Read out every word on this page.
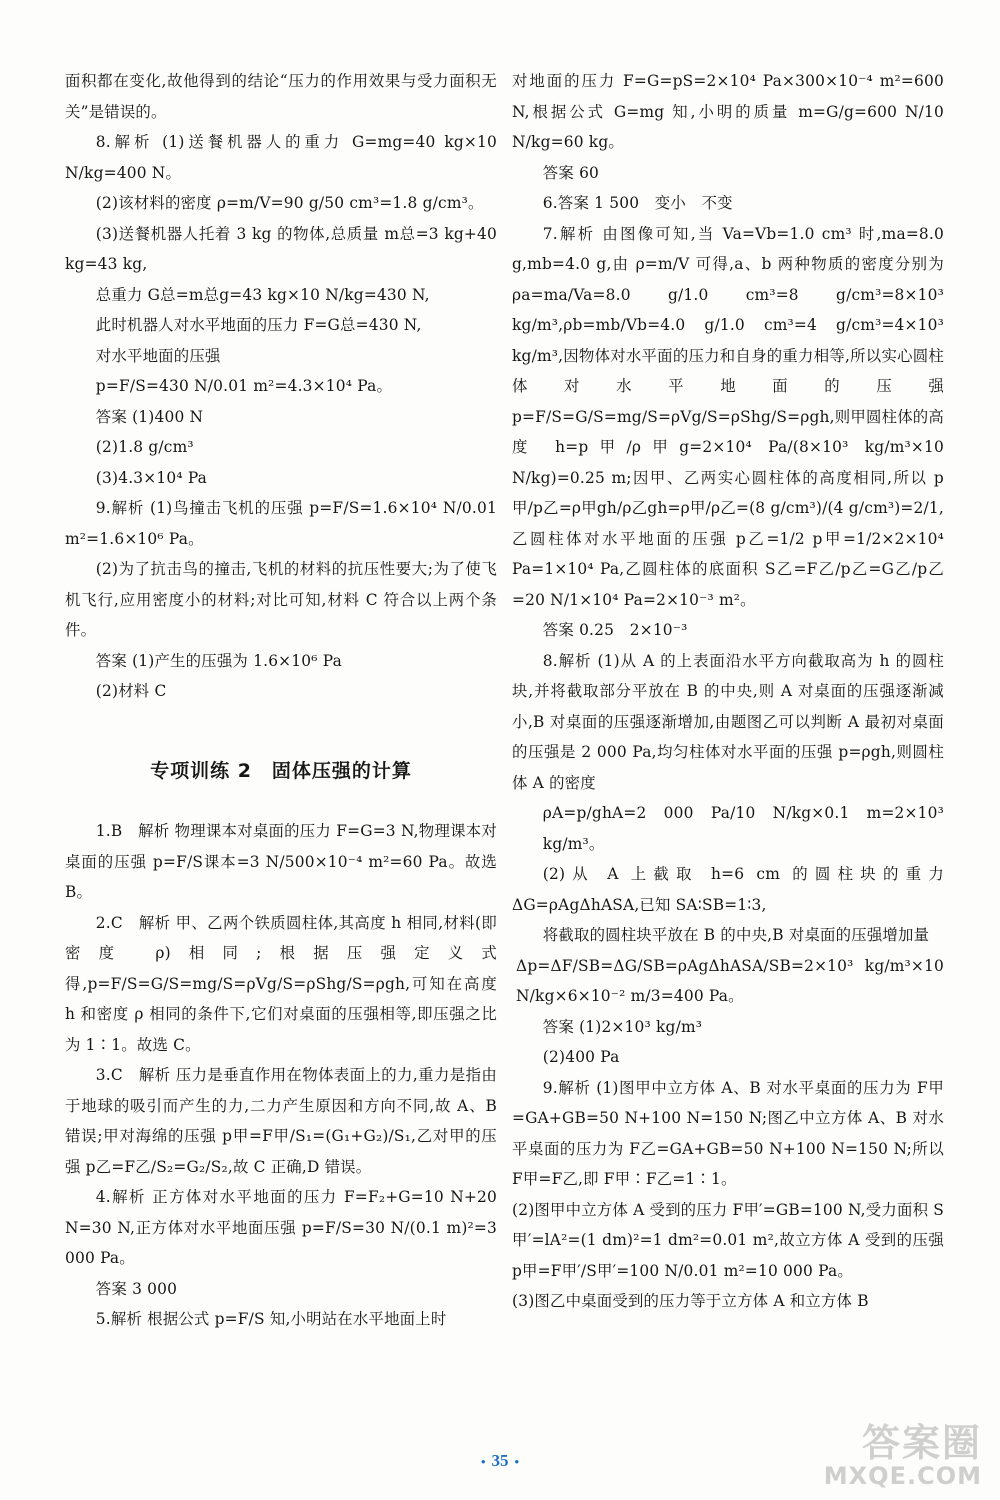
面积都在变化,故他得到的结论“压力的作用效果与受力面积无关”是错误的。

8.解析 (1)送餐机器人的重力 G=mg=40 kg×10 N/kg=400 N。

(2)该材料的密度 ρ=m/V=90 g/50 cm³=1.8 g/cm³。

(3)送餐机器人托着 3 kg 的物体,总质量 m总=3 kg+40 kg=43 kg,

总重力 G总=m总g=43 kg×10 N/kg=430 N,

此时机器人对水平地面的压力 F=G总=430 N,

对水平地面的压强

p=F/S=430 N/0.01 m²=4.3×10⁴ Pa。

答案 (1)400 N

(2)1.8 g/cm³

(3)4.3×10⁴ Pa

9.解析 (1)鸟撞击飞机的压强 p=F/S=1.6×10⁴ N/0.01 m²=1.6×10⁶ Pa。

(2)为了抗击鸟的撞击,飞机的材料的抗压性要大;为了使飞机飞行,应用密度小的材料;对比可知,材料 C 符合以上两个条件。

答案 (1)产生的压强为 1.6×10⁶ Pa

(2)材料 C

专项训练 2　固体压强的计算

1.B　解析 物理课本对桌面的压力 F=G=3 N,物理课本对桌面的压强 p=F/S课本=3 N/500×10⁻⁴ m²=60 Pa。故选 B。

2.C　解析 甲、乙两个铁质圆柱体,其高度 h 相同,材料(即密度 ρ)相同;根据压强定义式得,p=F/S=G/S=mg/S=ρVg/S=ρShg/S=ρgh,可知在高度 h 和密度 ρ 相同的条件下,它们对桌面的压强相等,即压强之比为 1∶1。故选 C。

3.C　解析 压力是垂直作用在物体表面上的力,重力是指由于地球的吸引而产生的力,二力产生原因和方向不同,故 A、B 错误;甲对海绵的压强 p甲=F甲/S₁=(G₁+G₂)/S₁,乙对甲的压强 p乙=F乙/S₂=G₂/S₂,故 C 正确,D 错误。

4.解析 正方体对水平地面的压力 F=F₂+G=10 N+20 N=30 N,正方体对水平地面压强 p=F/S=30 N/(0.1 m)²=3 000 Pa。

答案 3 000

5.解析 根据公式 p=F/S 知,小明站在水平地面上时

对地面的压力 F=G=pS=2×10⁴ Pa×300×10⁻⁴ m²=600 N,根据公式 G=mg 知,小明的质量 m=G/g=600 N/10 N/kg=60 kg。

答案 60

6.答案 1 500　变小　不变

7.解析 由图像可知,当 Va=Vb=1.0 cm³ 时,ma=8.0 g,mb=4.0 g,由 ρ=m/V 可得,a、b 两种物质的密度分别为 ρa=ma/Va=8.0 g/1.0 cm³=8 g/cm³=8×10³ kg/m³,ρb=mb/Vb=4.0 g/1.0 cm³=4 g/cm³=4×10³ kg/m³,因物体对水平面的压力和自身的重力相等,所以实心圆柱体对水平地面的压强 p=F/S=G/S=mg/S=ρVg/S=ρShg/S=ρgh,则甲圆柱体的高度 h=p甲/ρ甲g=2×10⁴ Pa/(8×10³ kg/m³×10 N/kg)=0.25 m;因甲、乙两实心圆柱体的高度相同,所以 p甲/p乙=ρ甲gh/ρ乙gh=ρ甲/ρ乙=(8 g/cm³)/(4 g/cm³)=2/1,乙圆柱体对水平地面的压强 p乙=1/2 p甲=1/2×2×10⁴ Pa=1×10⁴ Pa,乙圆柱体的底面积 S乙=F乙/p乙=G乙/p乙=20 N/1×10⁴ Pa=2×10⁻³ m²。

答案 0.25　2×10⁻³

8.解析 (1)从 A 的上表面沿水平方向截取高为 h 的圆柱块,并将截取部分平放在 B 的中央,则 A 对桌面的压强逐渐减小,B 对桌面的压强逐渐增加,由题图乙可以判断 A 最初对桌面的压强是 2 000 Pa,均匀柱体对水平面的压强 p=ρgh,则圆柱体 A 的密度

ρA=p/ghA=2 000 Pa/10 N/kg×0.1 m=2×10³ kg/m³。

(2)从 A 上截取 h=6 cm 的圆柱块的重力 ΔG=ρAgΔhASA,已知 SA∶SB=1∶3,

将截取的圆柱块平放在 B 的中央,B 对桌面的压强增加量

Δp=ΔF/SB=ΔG/SB=ρAgΔhASA/SB=2×10³ kg/m³×10 N/kg×6×10⁻² m/3=400 Pa。

答案 (1)2×10³ kg/m³

(2)400 Pa

9.解析 (1)图甲中立方体 A、B 对水平桌面的压力为 F甲=GA+GB=50 N+100 N=150 N;图乙中立方体 A、B 对水平桌面的压力为 F乙=GA+GB=50 N+100 N=150 N;所以 F甲=F乙,即 F甲∶F乙=1∶1。

(2)图甲中立方体 A 受到的压力 F甲′=GB=100 N,受力面积 S甲′=lA²=(1 dm)²=1 dm²=0.01 m²,故立方体 A 受到的压强 p甲=F甲′/S甲′=100 N/0.01 m²=10 000 Pa。

(3)图乙中桌面受到的压力等于立方体 A 和立方体 B

• 35 •	答案圈
MXQE.COM
